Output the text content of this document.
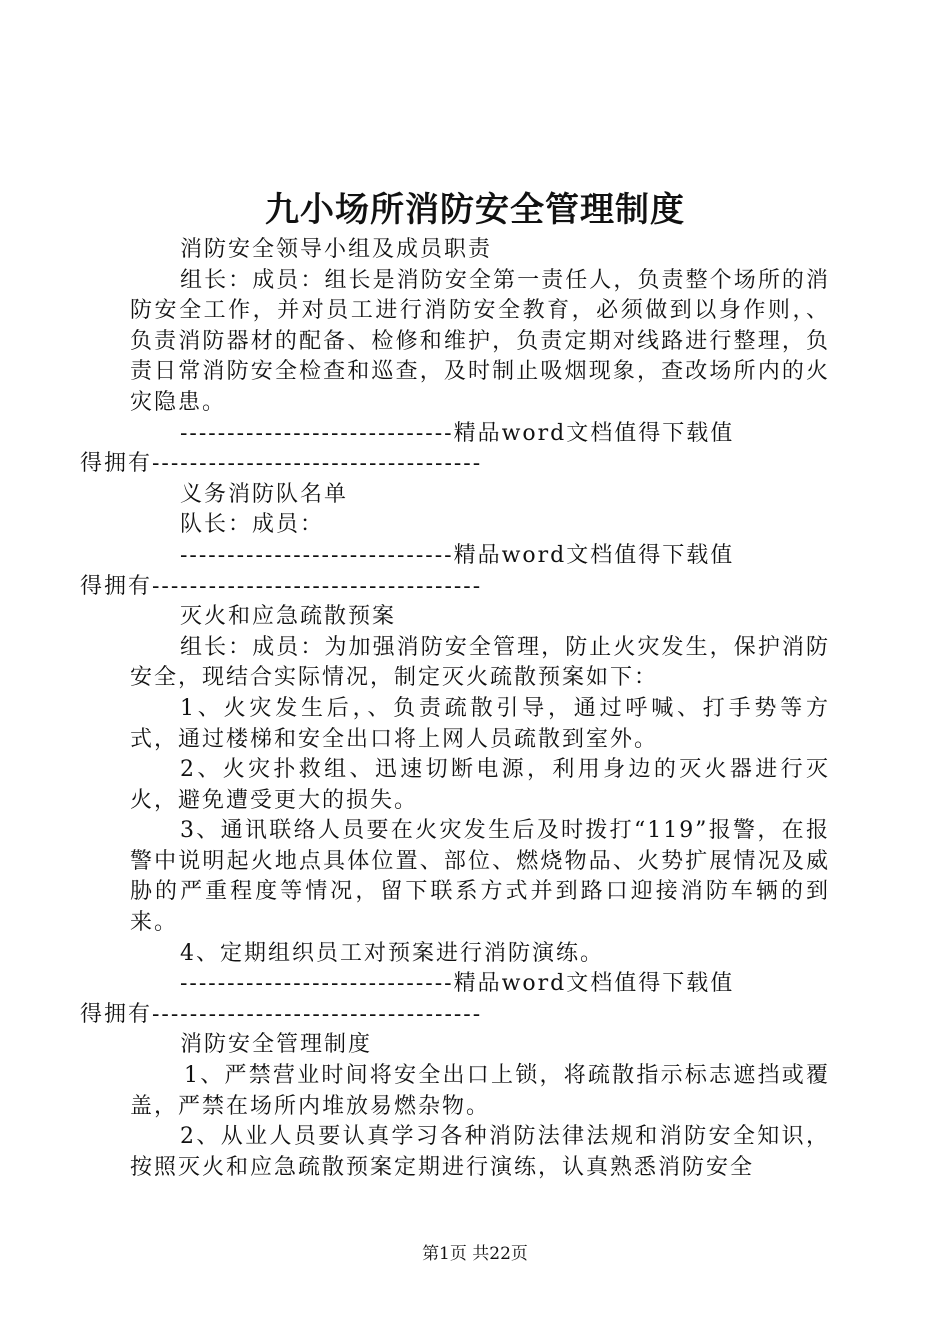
九小场所消防安全管理制度

消防安全领导小组及成员职责

组长：成员：组长是消防安全第一责任人，负责整个场所的消防安全工作，并对员工进行消防安全教育，必须做到以身作则，、负责消防器材的配备、检修和维护，负责定期对线路进行整理，负责日常消防安全检查和巡查，及时制止吸烟现象，查改场所内的火灾隐患。

-----------------------------精品word文档值得下载值
得拥有-----------------------------------

义务消防队名单

队长：成员：

-----------------------------精品word文档值得下载值
得拥有-----------------------------------

灭火和应急疏散预案

组长：成员：为加强消防安全管理，防止火灾发生，保护消防安全，现结合实际情况，制定灭火疏散预案如下：

1、火灾发生后，、负责疏散引导，通过呼喊、打手势等方式，通过楼梯和安全出口将上网人员疏散到室外。

2、火灾扑救组、迅速切断电源，利用身边的灭火器进行灭火，避免遭受更大的损失。

3、通讯联络人员要在火灾发生后及时拨打“119”报警，在报警中说明起火地点具体位置、部位、燃烧物品、火势扩展情况及威胁的严重程度等情况，留下联系方式并到路口迎接消防车辆的到来。

4、定期组织员工对预案进行消防演练。

-----------------------------精品word文档值得下载值
得拥有-----------------------------------

消防安全管理制度

1、严禁营业时间将安全出口上锁，将疏散指示标志遮挡或覆盖，严禁在场所内堆放易燃杂物。

2、从业人员要认真学习各种消防法律法规和消防安全知识，按照灭火和应急疏散预案定期进行演练，认真熟悉消防安全

第1页 共22页
